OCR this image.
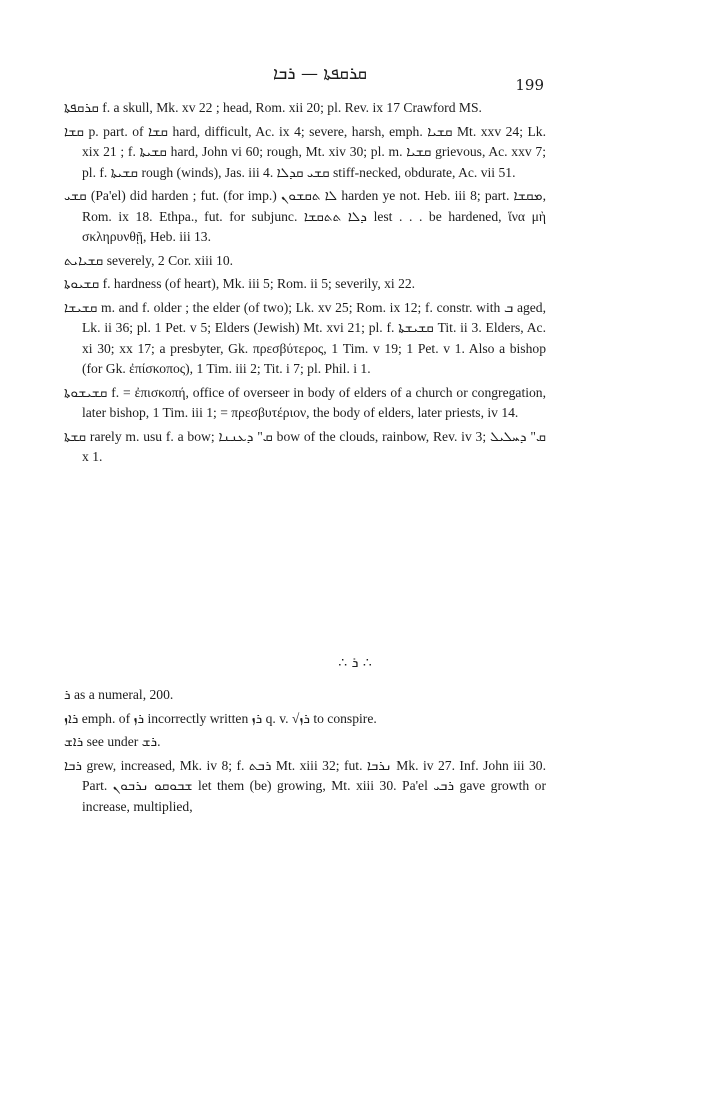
ܩܪܩܦܬܐ — ܪܒܐ
199

ܩܪܩܦܬܐ f. a skull, Mk. xv 22 ; head, Rom. xii 20; pl. Rev. ix 17 Crawford MS.

ܩܫܐ p. part. of ܩܫܐ hard, difficult, Ac. ix 4; severe, harsh, emph. ܩܫܝܐ Mt. xxv 24; Lk. xix 21 ; f. ܩܫܝܬܐ hard, John vi 60; rough, Mt. xiv 30; pl. m. ܩܫܝܐ grievous, Ac. xxv 7; pl. f. ܩܫܝܬܐ rough (winds), Jas. iii 4. ܩܫܝ ܩܕܠܐ stiff-necked, obdurate, Ac. vii 51.

ܩܫܝ (Pa'el) did harden ; fut. (for imp.) ܠܐ ܬܩܫܘܢ harden ye not. Heb. iii 8; part. ܡܩܫܐ, Rom. ix 18. Ethpa., fut. for subjunc. ܕܠܐ ܬܬܩܫܐ lest . . . be hardened, ἵνα μὴ σκληρυνθῇ, Heb. iii 13.

ܩܫܝܐܝܬ severely, 2 Cor. xiii 10.

ܩܫܝܘܬܐ f. hardness (of heart), Mk. iii 5; Rom. ii 5; severily, xi 22.

ܩܫܝܫܐ m. and f. older ; the elder (of two); Lk. xv 25; Rom. ix 12; f. constr. with ܒ aged, Lk. ii 36; pl. 1 Pet. v 5; Elders (Jewish) Mt. xvi 21; pl. f. ܩܫܝܫܬܐ Tit. ii 3. Elders, Ac. xi 30; xx 17; a presbyter, Gk. πρεσβύτερος, 1 Tim. v 19; 1 Pet. v 1. Also a bishop (for Gk. ἐπίσκοπος), 1 Tim. iii 2; Tit. i 7; pl. Phil. i 1.

ܩܫܝܫܘܬܐ f. = ἐπισκοπή, office of overseer in body of elders of a church or congregation, later bishop, 1 Tim. iii 1; = πρεσβυτέριον, the body of elders, later priests, iv 14.

ܩܫܬܐ rarely m. usu f. a bow; ܩ" ܕܥܢܢܐ bow of the clouds, rainbow, Rev. iv 3; ܩ" ܕܚܠܝܠ x 1.

∴ ܪ ∴

ܪ as a numeral, 200.

ܪܐܙ emph. of ܪܙ incorrectly written ܪܙ q. v. √ܪܙ to conspire.

ܪܐܫ see under ܪܫ.

ܪܒܐ grew, increased, Mk. iv 8; f. ܪܒܬ Mt. xiii 32; fut. ܢܪܒܐ Mk. iv 27. Inf. John iii 30. Part. ܫܒܘܩܘ ܢܪܒܘܢ let them (be) growing, Mt. xiii 30. Pa'el ܪܒܝ gave growth or increase, multiplied,
